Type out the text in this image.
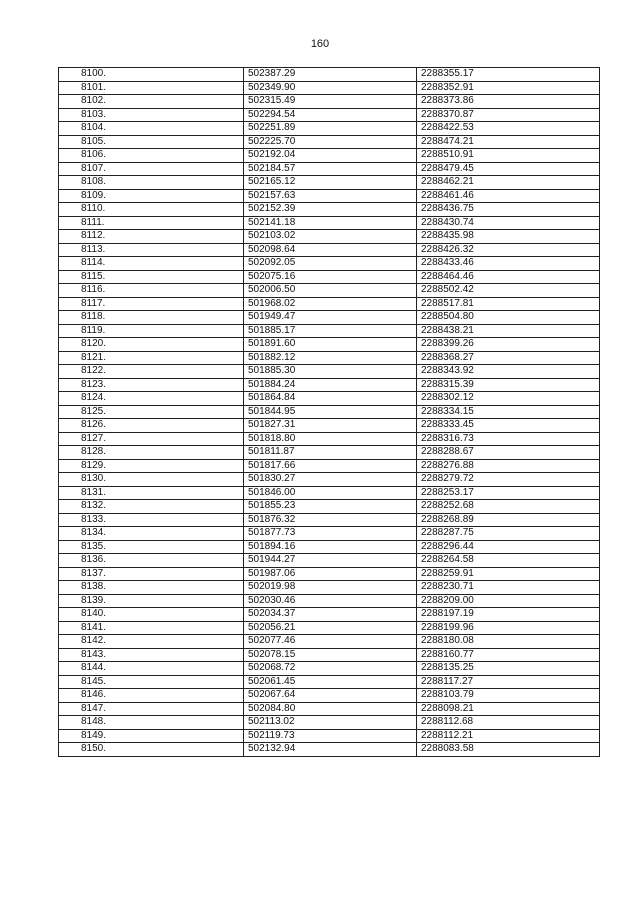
160
8100.	502387.29	2288355.17
8101.	502349.90	2288352.91
8102.	502315.49	2288373.86
8103.	502294.54	2288370.87
8104.	502251.89	2288422.53
8105.	502225.70	2288474.21
8106.	502192.04	2288510.91
8107.	502184.57	2288479.45
8108.	502165.12	2288462.21
8109.	502157.63	2288461.46
8110.	502152.39	2288436.75
8111.	502141.18	2288430.74
8112.	502103.02	2288435.98
8113.	502098.64	2288426.32
8114.	502092.05	2288433.46
8115.	502075.16	2288464.46
8116.	502006.50	2288502.42
8117.	501968.02	2288517.81
8118.	501949.47	2288504.80
8119.	501885.17	2288438.21
8120.	501891.60	2288399.26
8121.	501882.12	2288368.27
8122.	501885.30	2288343.92
8123.	501884.24	2288315.39
8124.	501864.84	2288302.12
8125.	501844.95	2288334.15
8126.	501827.31	2288333.45
8127.	501818.80	2288316.73
8128.	501811.87	2288288.67
8129.	501817.66	2288276.88
8130.	501830.27	2288279.72
8131.	501846.00	2288253.17
8132.	501855.23	2288252.68
8133.	501876.32	2288268.89
8134.	501877.73	2288287.75
8135.	501894.16	2288296.44
8136.	501944.27	2288264.58
8137.	501987.06	2288259.91
8138.	502019.98	2288230.71
8139.	502030.46	2288209.00
8140.	502034.37	2288197.19
8141.	502056.21	2288199.96
8142.	502077.46	2288180.08
8143.	502078.15	2288160.77
8144.	502068.72	2288135.25
8145.	502061.45	2288117.27
8146.	502067.64	2288103.79
8147.	502084.80	2288098.21
8148.	502113.02	2288112.68
8149.	502119.73	2288112.21
8150.	502132.94	2288083.58
